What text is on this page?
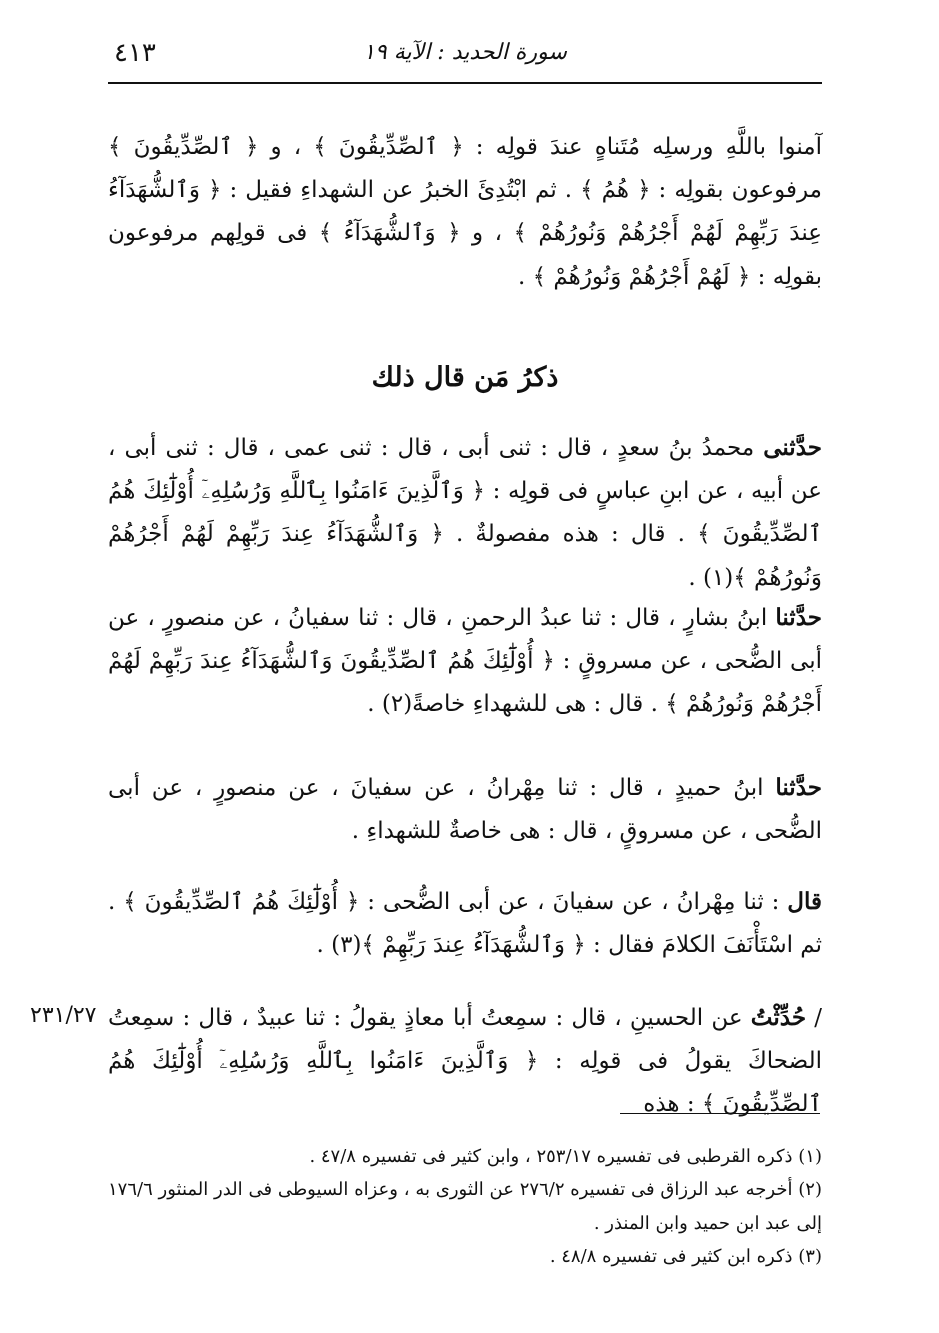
٤١٣	سورة الحديد : الآية ١٩
آمنوا باللَّهِ ورسلِه مُتَناهٍ عندَ قولِه : ﴿ ٱلصِّدِّيقُونَ ﴾ ، و ﴿ ٱلصِّدِّيقُونَ ﴾ مرفوعون بقولِه : ﴿ هُمُ ﴾ . ثم ابْتُدِئَ الخبرُ عن الشهداءِ فقيل : ﴿ وَٱلشُّهَدَآءُ عِندَ رَبِّهِمْ لَهُمْ أَجْرُهُمْ وَنُورُهُمْ ﴾ ، و ﴿ وَٱلشُّهَدَآءُ ﴾ فى قولِهم مرفوعون بقولِه : ﴿ لَهُمْ أَجْرُهُمْ وَنُورُهُمْ ﴾ .
ذكرُ مَن قال ذلك
حدَّثنى محمدُ بنُ سعدٍ ، قال : ثنى أبى ، قال : ثنى عمى ، قال : ثنى أبى ، عن أبيه ، عن ابنِ عباسٍ فى قولِه : ﴿ وَٱلَّذِينَ ءَامَنُوا بِٱللَّهِ وَرُسُلِهِۦٓ أُوْلَٰٓئِكَ هُمُ ٱلصِّدِّيقُونَ ﴾ . قال : هذه مفصولةٌ . ﴿ وَٱلشُّهَدَآءُ عِندَ رَبِّهِمْ لَهُمْ أَجْرُهُمْ وَنُورُهُمْ ﴾(١) .
حدَّثنا ابنُ بشارٍ ، قال : ثنا عبدُ الرحمنِ ، قال : ثنا سفيانُ ، عن منصورٍ ، عن أبى الضُّحى ، عن مسروقٍ : ﴿ أُوْلَٰٓئِكَ هُمُ ٱلصِّدِّيقُونَ وَٱلشُّهَدَآءُ عِندَ رَبِّهِمْ لَهُمْ أَجْرُهُمْ وَنُورُهُمْ ﴾ . قال : هى للشهداءِ خاصةً(٢) .
حدَّثنا ابنُ حميدٍ ، قال : ثنا مِهْرانُ ، عن سفيانَ ، عن منصورٍ ، عن أبى الضُّحى ، عن مسروقٍ ، قال : هى خاصةٌ للشهداءِ .
قال : ثنا مِهْرانُ ، عن سفيانَ ، عن أبى الضُّحى : ﴿ أُوْلَٰٓئِكَ هُمُ ٱلصِّدِّيقُونَ ﴾ . ثم اسْتَأْنَفَ الكلامَ فقال : ﴿ وَٱلشُّهَدَآءُ عِندَ رَبِّهِمْ ﴾(٣) .
/ حُدِّثْتُ عن الحسينِ ، قال : سمِعتُ أبا معاذٍ يقولُ : ثنا عبيدٌ ، قال : سمِعتُ الضحاكَ يقولُ فى قولِه : ﴿ وَٱلَّذِينَ ءَامَنُوا بِٱللَّهِ وَرُسُلِهِۦٓ أُوْلَٰٓئِكَ هُمُ ٱلصِّدِّيقُونَ ﴾ : هذه
٢٣١/٢٧
(١) ذكره القرطبى فى تفسيره ٢٥٣/١٧ ، وابن كثير فى تفسيره ٤٧/٨ .
(٢) أخرجه عبد الرزاق فى تفسيره ٢٧٦/٢ عن الثورى به ، وعزاه السيوطى فى الدر المنثور ١٧٦/٦ إلى عبد ابن حميد وابن المنذر .
(٣) ذكره ابن كثير فى تفسيره ٤٨/٨ .
